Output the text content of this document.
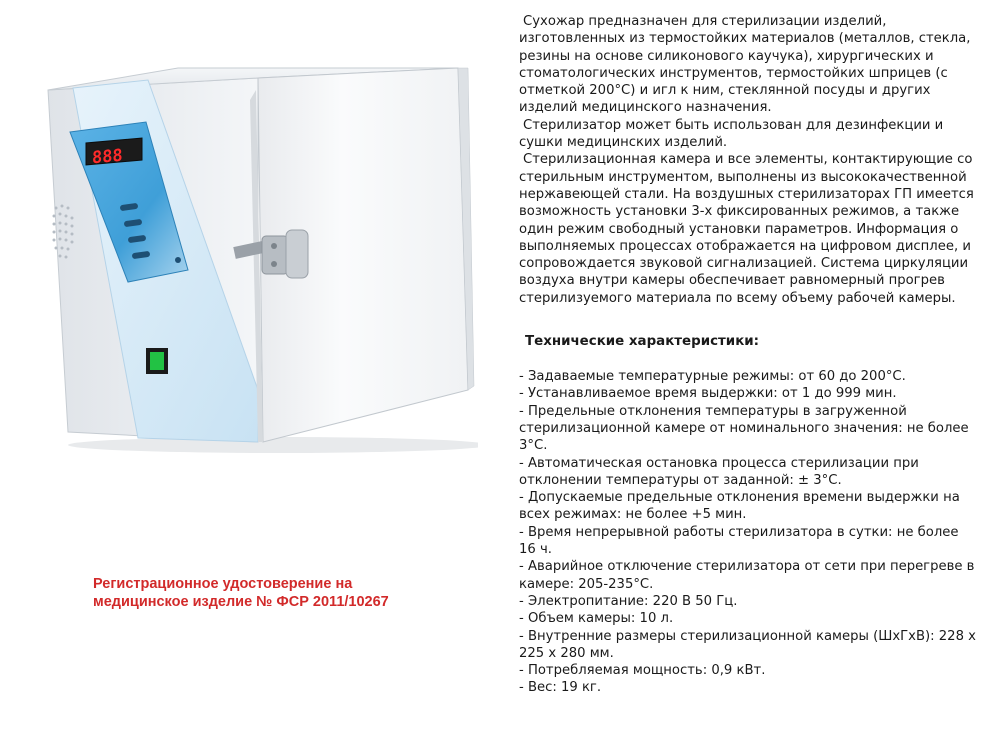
888

Регистрационное удостоверение на медицинское изделие № ФСР 2011/10267

Сухожар предназначен для стерилизации изделий, изготовленных из термостойких материалов (металлов, стекла, резины на основе силиконового каучука), хирургических и стоматологических инструментов, термостойких шприцев (с отметкой 200°С) и игл к ним, стеклянной посуды и других изделий медицинского назначения.

Стерилизатор может быть использован для дезинфекции и сушки медицинских изделий.

Стерилизационная камера и все элементы, контактирующие со стерильным инструментом, выполнены из высококачественной нержавеющей стали. На воздушных стерилизаторах ГП имеется возможность установки 3-х фиксированных режимов, а также один режим свободный установки параметров. Информация о выполняемых процессах отображается на цифровом дисплее, и сопровождается звуковой сигнализацией. Система циркуляции воздуха внутри камеры обеспечивает равномерный прогрев стерилизуемого материала по всему объему рабочей камеры.

Технические характеристики:
- Задаваемые температурные режимы: от 60 до 200°С.
- Устанавливаемое время выдержки: от 1 до 999 мин.
- Предельные отклонения температуры в загруженной стерилизационной камере от номинального значения: не более 3°С.
- Автоматическая остановка процесса стерилизации при отклонении температуры от заданной: ± 3°С.
- Допускаемые предельные отклонения времени выдержки на всех режимах: не более +5 мин.
- Время непрерывной работы стерилизатора в сутки: не более 16 ч.
- Аварийное отключение стерилизатора от сети при перегреве в камере: 205-235°С.
- Электропитание: 220 В 50 Гц.
- Объем камеры: 10 л.
- Внутренние размеры стерилизационной камеры (ШхГхВ): 228 х 225 х 280 мм.
- Потребляемая мощность: 0,9 кВт.
- Вес: 19 кг.
